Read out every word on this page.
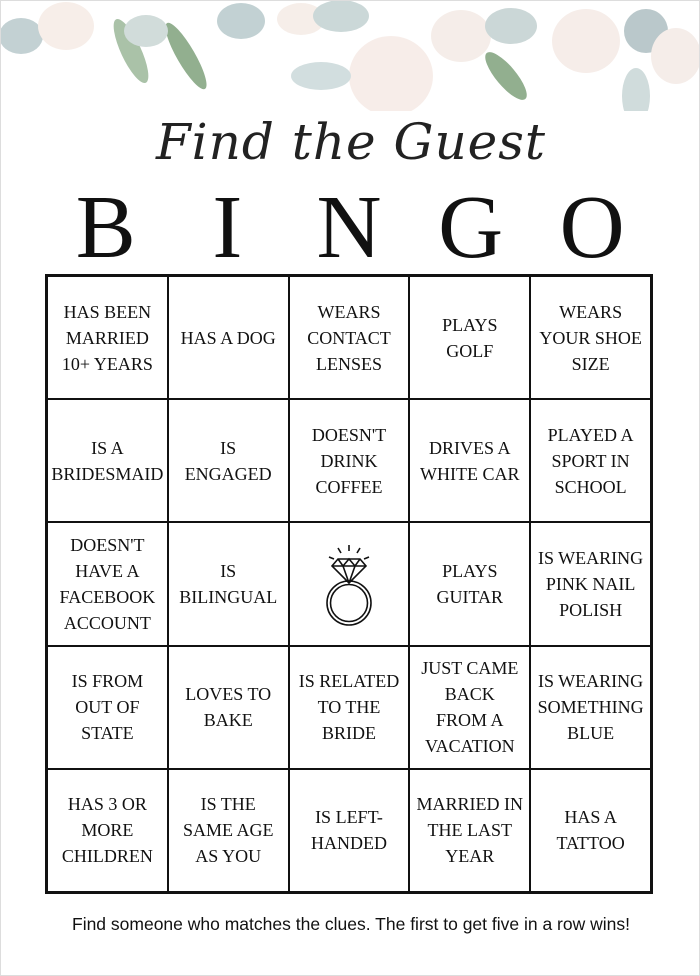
Find the Guest
B I N G O
HAS BEEN
MARRIED
10+ YEARS
HAS A DOG
WEARS
CONTACT
LENSES
PLAYS
GOLF
WEARS
YOUR SHOE
SIZE
IS A
BRIDESMAID
IS
ENGAGED
DOESN'T
DRINK
COFFEE
DRIVES A
WHITE CAR
PLAYED A
SPORT IN
SCHOOL
DOESN'T
HAVE A
FACEBOOK
ACCOUNT
IS
BILINGUAL
PLAYS
GUITAR
IS WEARING
PINK NAIL
POLISH
IS FROM
OUT OF
STATE
LOVES TO
BAKE
IS RELATED
TO THE
BRIDE
JUST CAME
BACK
FROM A
VACATION
IS WEARING
SOMETHING
BLUE
HAS 3 OR
MORE
CHILDREN
IS THE
SAME AGE
AS YOU
IS LEFT-
HANDED
MARRIED IN
THE LAST
YEAR
HAS A
TATTOO
Find someone who matches the clues. The first to get five in a row wins!
